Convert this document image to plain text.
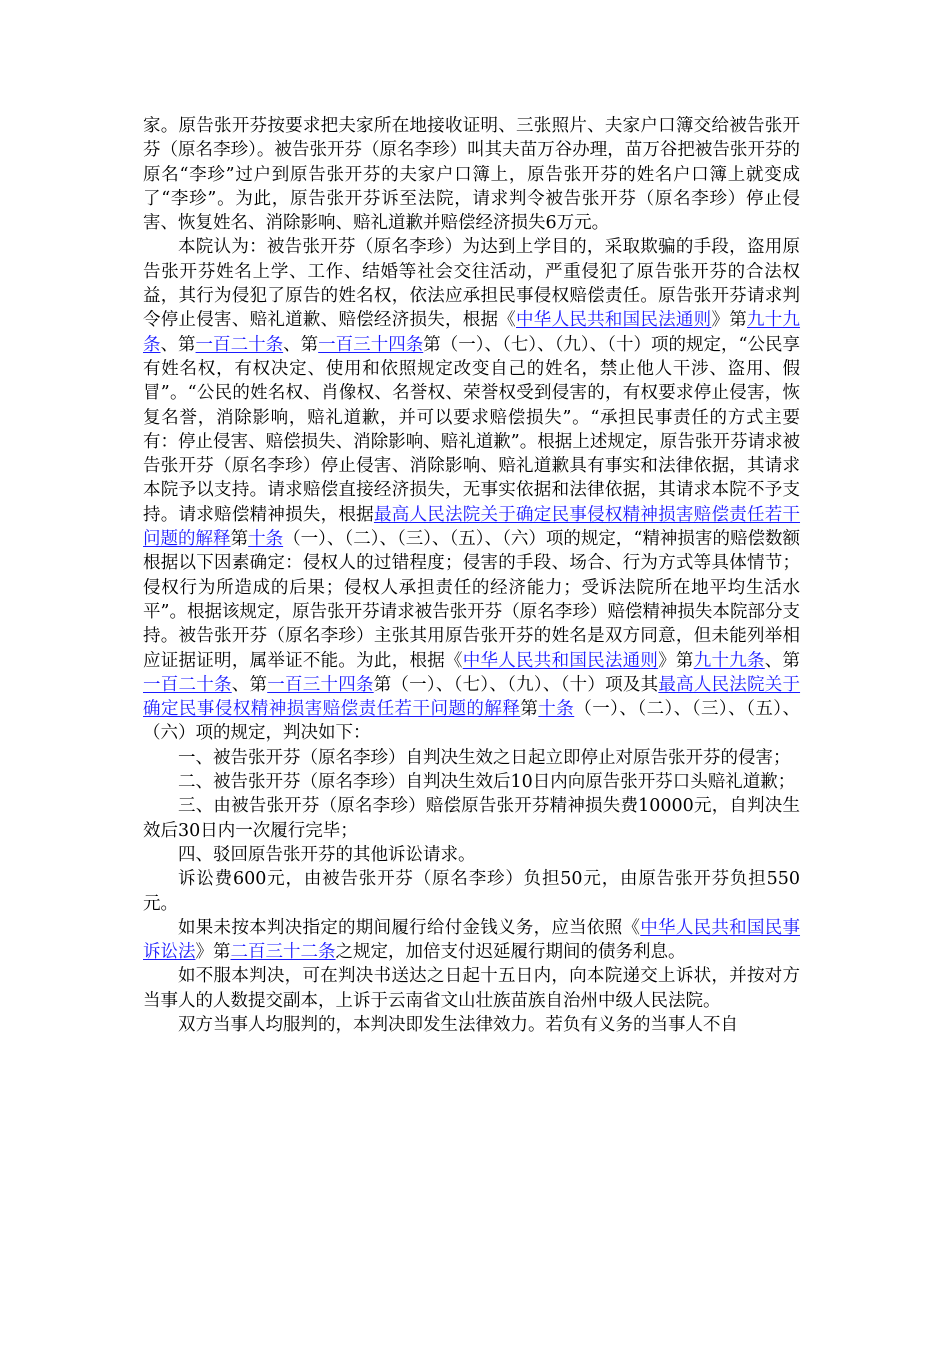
家。原告张开芬按要求把夫家所在地接收证明、三张照片、夫家户口簿交给被告张开芬（原名李珍）。被告张开芬（原名李珍）叫其夫苗万谷办理，苗万谷把被告张开芬的原名“李珍”过户到原告张开芬的夫家户口簿上，原告张开芬的姓名户口簿上就变成了“李珍”。为此，原告张开芬诉至法院，请求判令被告张开芬（原名李珍）停止侵害、恢复姓名、消除影响、赔礼道歉并赔偿经济损失6万元。

本院认为：被告张开芬（原名李珍）为达到上学目的，采取欺骗的手段，盗用原告张开芬姓名上学、工作、结婚等社会交往活动，严重侵犯了原告张开芬的合法权益，其行为侵犯了原告的姓名权，依法应承担民事侵权赔偿责任。原告张开芬请求判令停止侵害、赔礼道歉、赔偿经济损失，根据《中华人民共和国民法通则》第九十九条、第一百二十条、第一百三十四条第（一）、（七）、（九）、（十）项的规定，“公民享有姓名权，有权决定、使用和依照规定改变自己的姓名，禁止他人干涉、盗用、假冒”。“公民的姓名权、肖像权、名誉权、荣誉权受到侵害的，有权要求停止侵害，恢复名誉，消除影响，赔礼道歉，并可以要求赔偿损失”。“承担民事责任的方式主要有：停止侵害、赔偿损失、消除影响、赔礼道歉”。根据上述规定，原告张开芬请求被告张开芬（原名李珍）停止侵害、消除影响、赔礼道歉具有事实和法律依据，其请求本院予以支持。请求赔偿直接经济损失，无事实依据和法律依据，其请求本院不予支持。请求赔偿精神损失，根据最高人民法院关于确定民事侵权精神损害赔偿责任若干问题的解释第十条（一）、（二）、（三）、（五）、（六）项的规定，“精神损害的赔偿数额根据以下因素确定：侵权人的过错程度；侵害的手段、场合、行为方式等具体情节；侵权行为所造成的后果；侵权人承担责任的经济能力；受诉法院所在地平均生活水平”。根据该规定，原告张开芬请求被告张开芬（原名李珍）赔偿精神损失本院部分支持。被告张开芬（原名李珍）主张其用原告张开芬的姓名是双方同意，但未能列举相应证据证明，属举证不能。为此，根据《中华人民共和国民法通则》第九十九条、第一百二十条、第一百三十四条第（一）、（七）、（九）、（十）项及其最高人民法院关于确定民事侵权精神损害赔偿责任若干问题的解释第十条（一）、（二）、（三）、（五）、（六）项的规定，判决如下：

一、被告张开芬（原名李珍）自判决生效之日起立即停止对原告张开芬的侵害；

二、被告张开芬（原名李珍）自判决生效后10日内向原告张开芬口头赔礼道歉；

三、由被告张开芬（原名李珍）赔偿原告张开芬精神损失费10000元，自判决生效后30日内一次履行完毕；

四、驳回原告张开芬的其他诉讼请求。

诉讼费600元，由被告张开芬（原名李珍）负担50元，由原告张开芬负担550元。

如果未按本判决指定的期间履行给付金钱义务，应当依照《中华人民共和国民事诉讼法》第二百三十二条之规定，加倍支付迟延履行期间的债务利息。

如不服本判决，可在判决书送达之日起十五日内，向本院递交上诉状，并按对方当事人的人数提交副本，上诉于云南省文山壮族苗族自治州中级人民法院。

双方当事人均服判的，本判决即发生法律效力。若负有义务的当事人不自
